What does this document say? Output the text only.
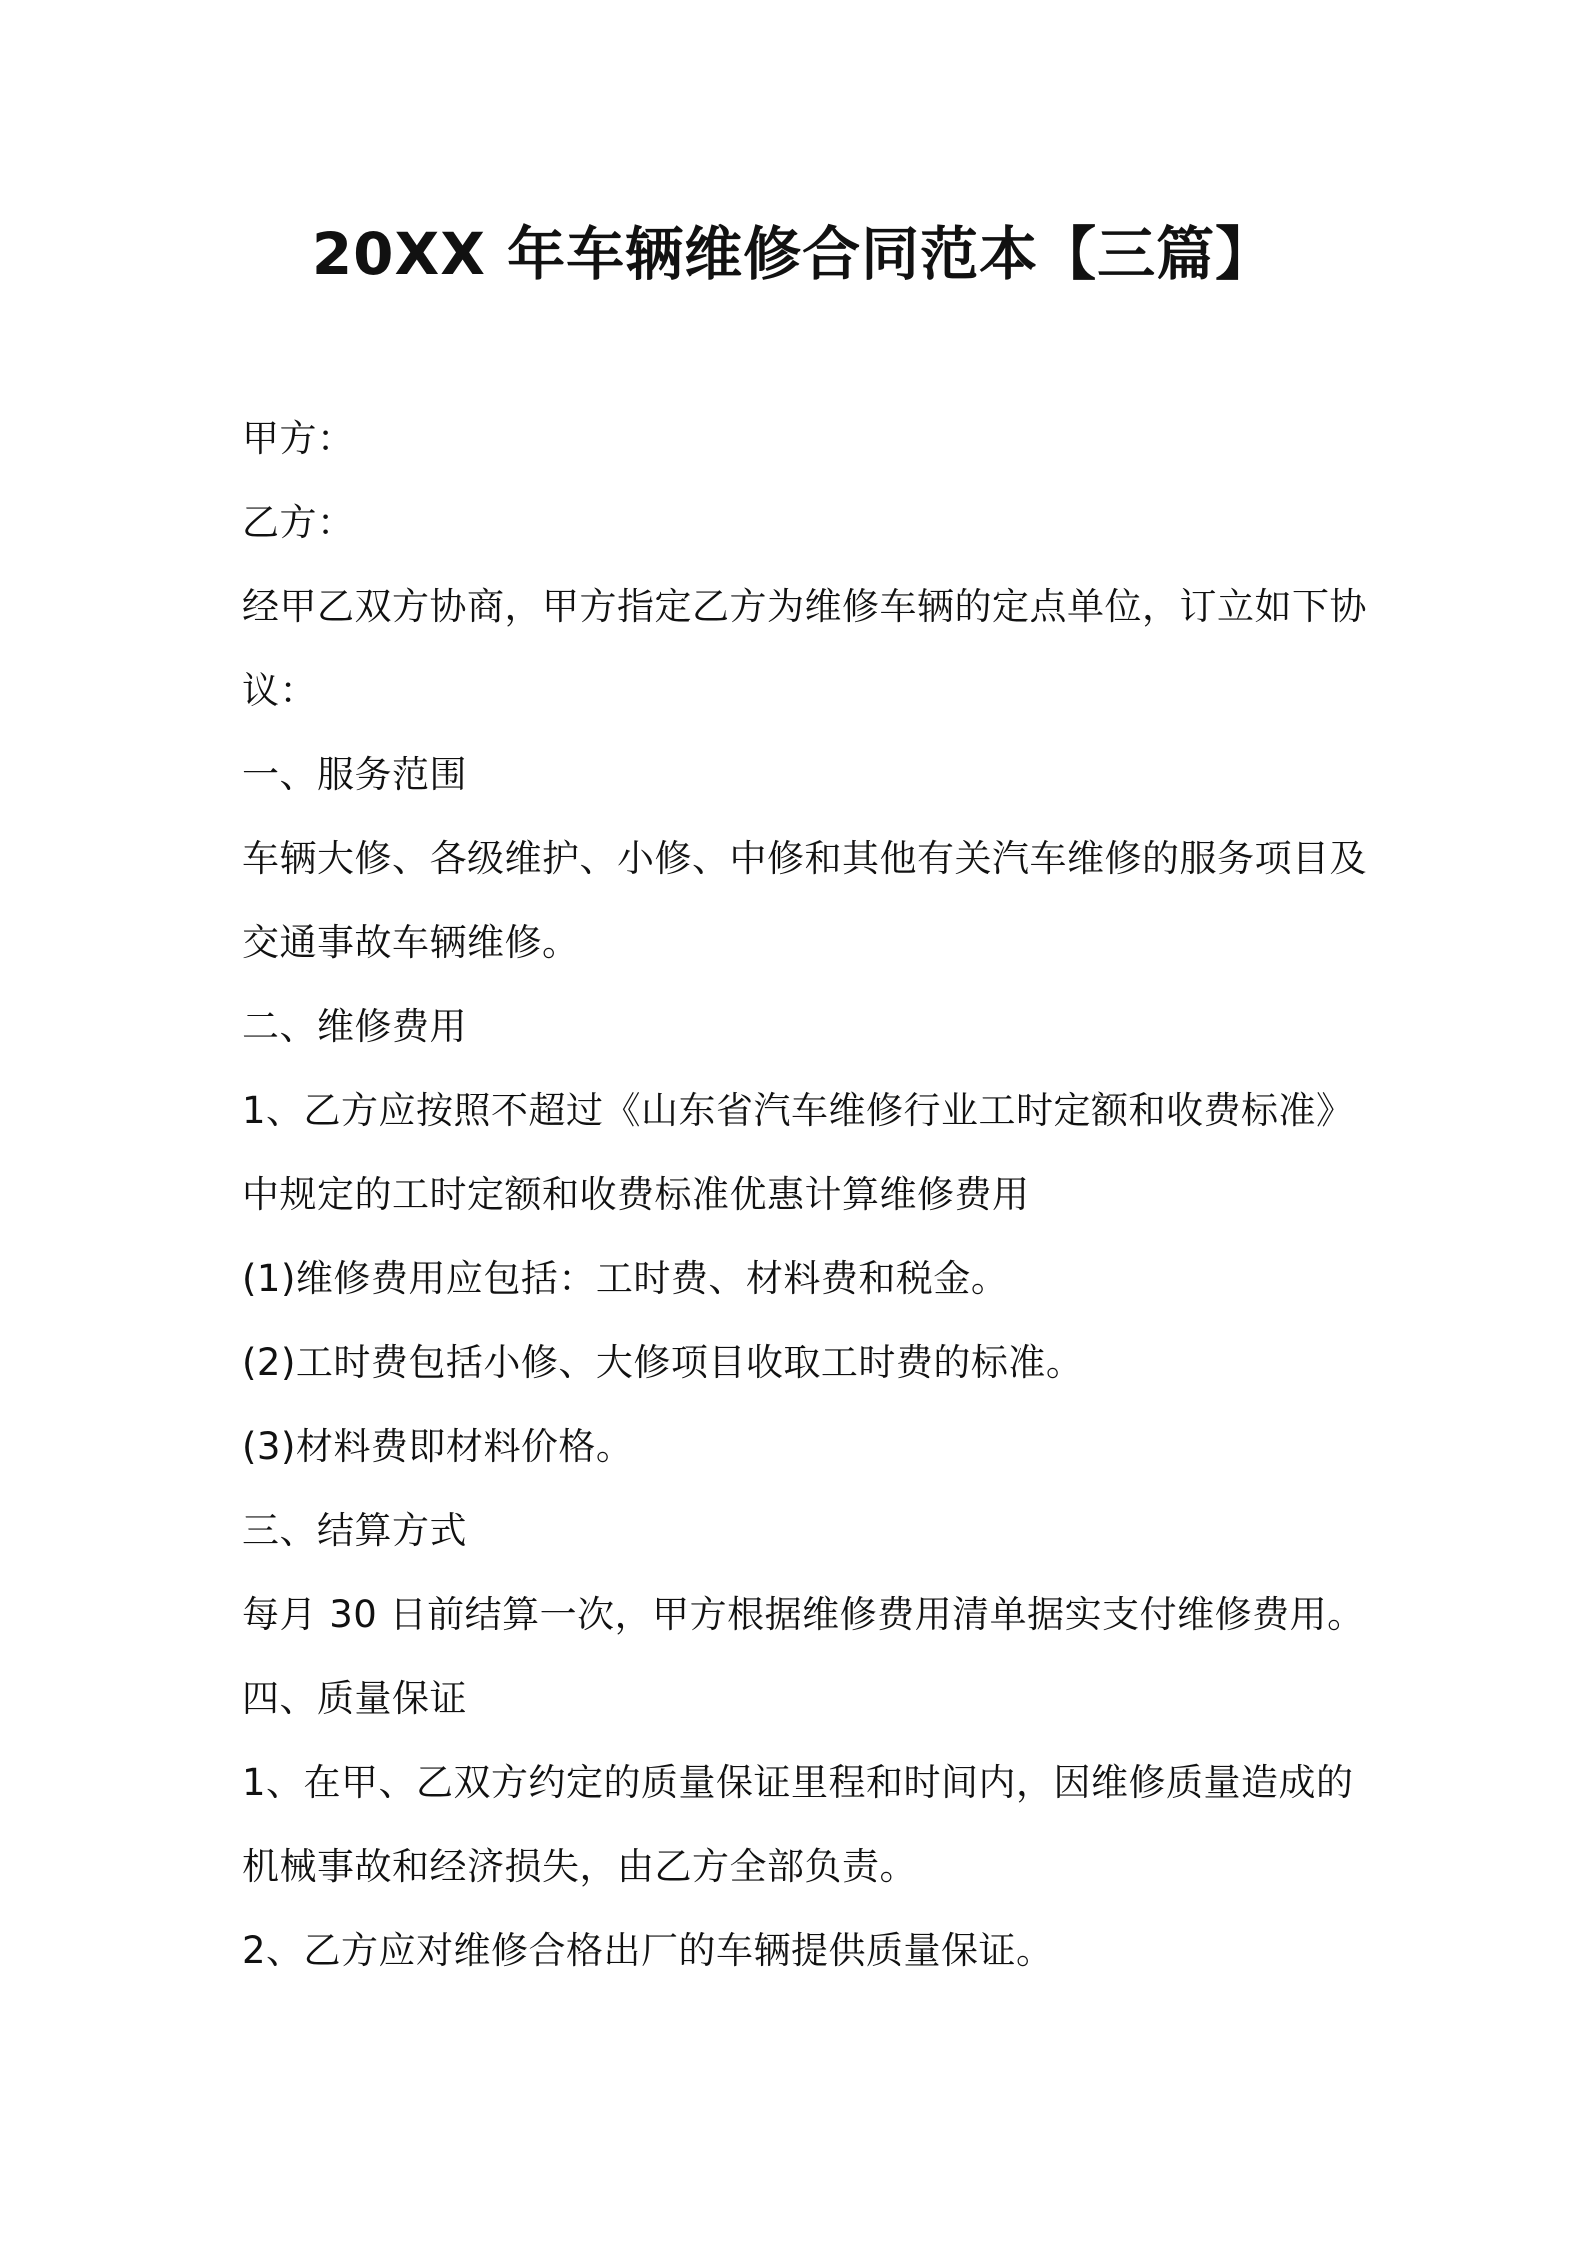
20XX 年车辆维修合同范本【三篇】
甲方：
乙方：
经甲乙双方协商，甲方指定乙方为维修车辆的定点单位，订立如下协
议：
一、服务范围
车辆大修、各级维护、小修、中修和其他有关汽车维修的服务项目及
交通事故车辆维修。
二、维修费用
1、乙方应按照不超过《山东省汽车维修行业工时定额和收费标准》
中规定的工时定额和收费标准优惠计算维修费用
(1)维修费用应包括：工时费、材料费和税金。
(2)工时费包括小修、大修项目收取工时费的标准。
(3)材料费即材料价格。
三、结算方式
每月 30 日前结算一次，甲方根据维修费用清单据实支付维修费用。
四、质量保证
1、在甲、乙双方约定的质量保证里程和时间内，因维修质量造成的
机械事故和经济损失，由乙方全部负责。
2、乙方应对维修合格出厂的车辆提供质量保证。
